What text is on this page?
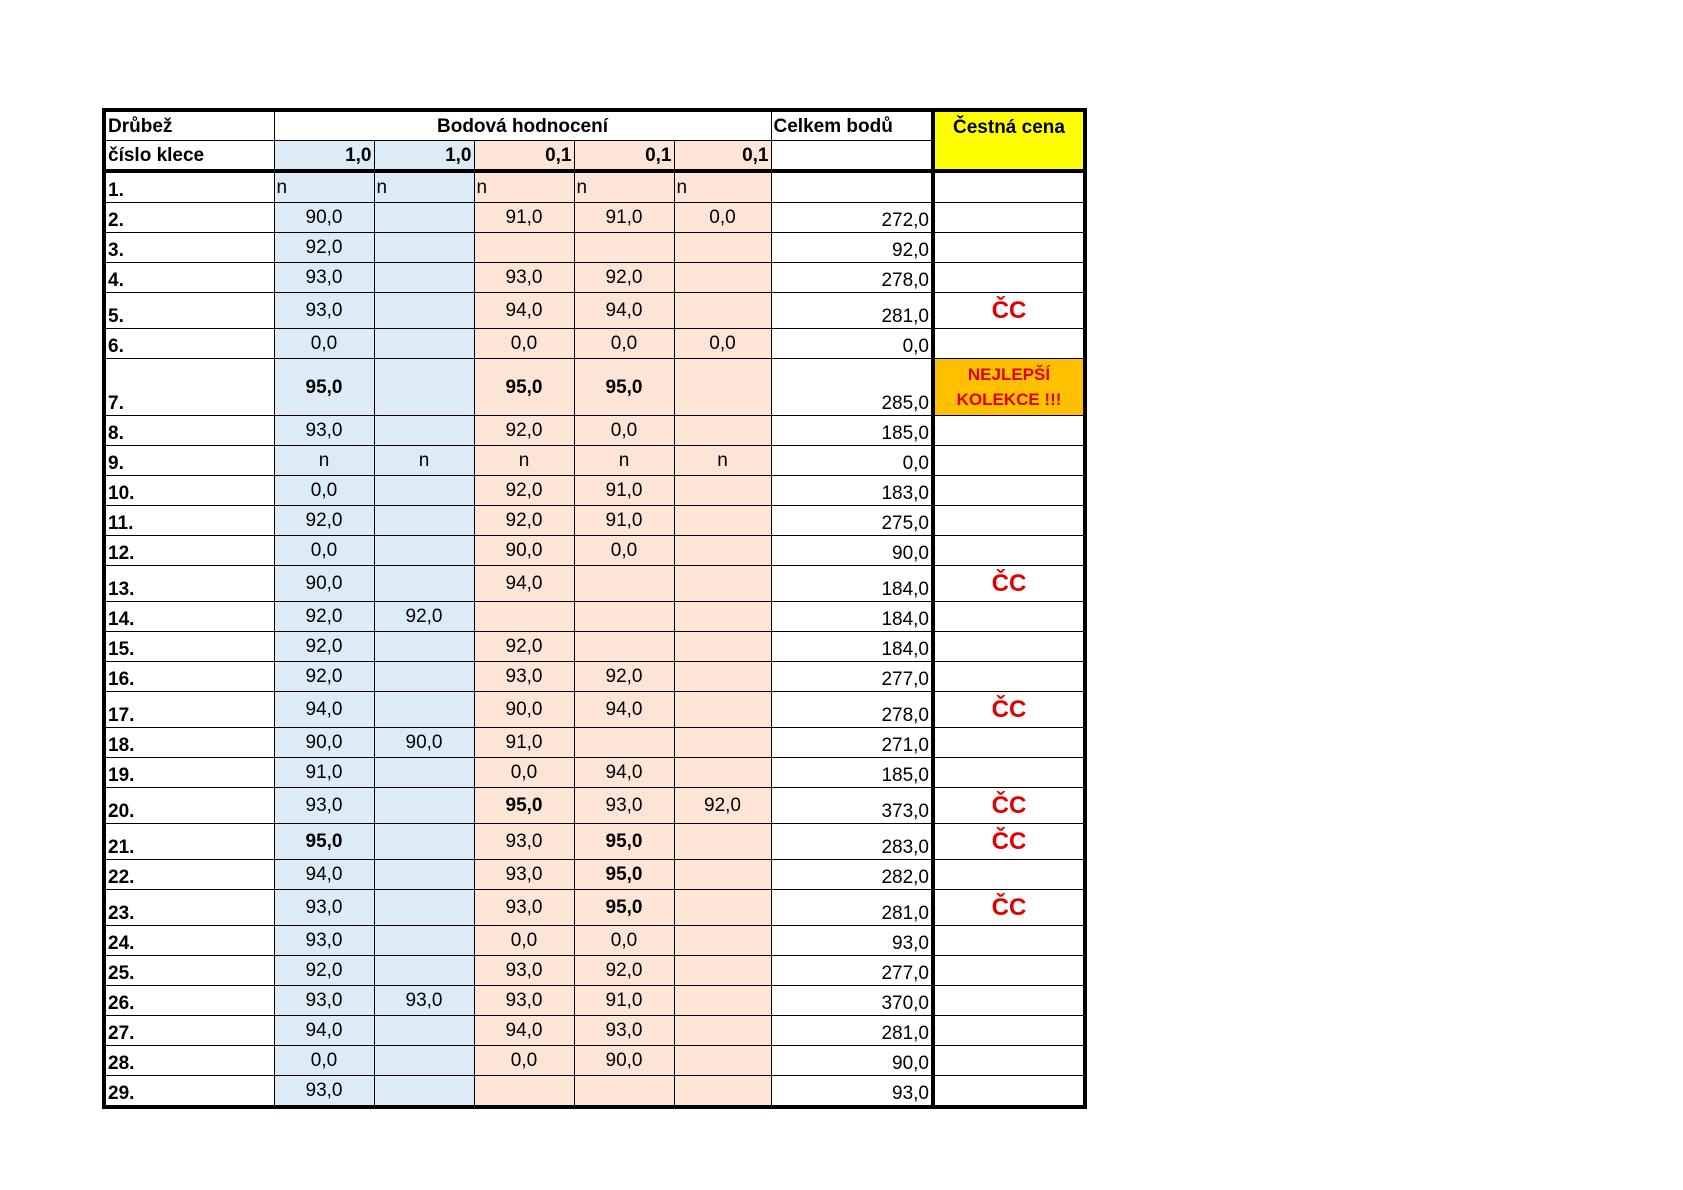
Drůbež	Bodová hodnocení					Celkem bodů	Čestná cena
číslo klece	1,0	1,0	0,1	0,1	0,1		
1.	n	n	n	n	n		
2.	90,0		91,0	91,0	0,0	272,0	
3.	92,0					92,0	
4.	93,0		93,0	92,0		278,0	
5.	93,0		94,0	94,0		281,0	ČC
6.	0,0		0,0	0,0	0,0	0,0	
7.	95,0		95,0	95,0		285,0	NEJLEPŠÍ KOLEKCE !!!
8.	93,0		92,0	0,0		185,0	
9.	n	n	n	n	n	0,0	
10.	0,0		92,0	91,0		183,0	
11.	92,0		92,0	91,0		275,0	
12.	0,0		90,0	0,0		90,0	
13.	90,0		94,0			184,0	ČC
14.	92,0	92,0				184,0	
15.	92,0		92,0			184,0	
16.	92,0		93,0	92,0		277,0	
17.	94,0		90,0	94,0		278,0	ČC
18.	90,0	90,0	91,0			271,0	
19.	91,0		0,0	94,0		185,0	
20.	93,0		95,0	93,0	92,0	373,0	ČC
21.	95,0		93,0	95,0		283,0	ČC
22.	94,0		93,0	95,0		282,0	
23.	93,0		93,0	95,0		281,0	ČC
24.	93,0		0,0	0,0		93,0	
25.	92,0		93,0	92,0		277,0	
26.	93,0	93,0	93,0	91,0		370,0	
27.	94,0		94,0	93,0		281,0	
28.	0,0		0,0	90,0		90,0	
29.	93,0					93,0	
